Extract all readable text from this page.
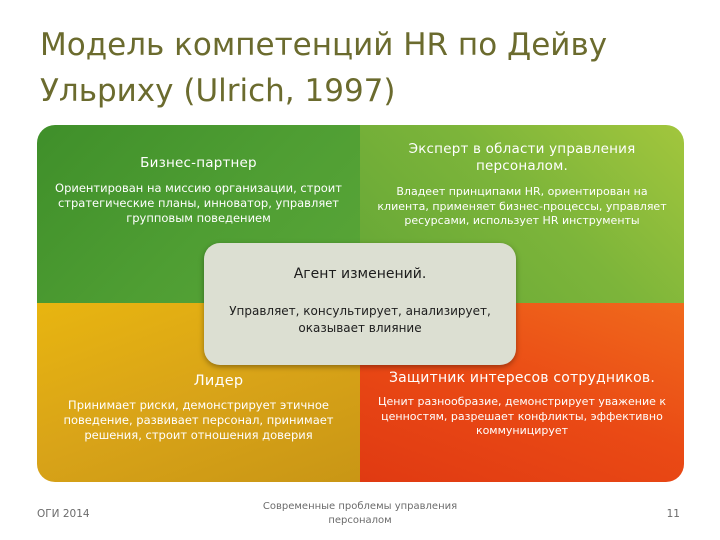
Модель компетенций HR по Дейву
Ульриху (Ulrich, 1997)
Бизнес-партнер
Ориентирован на миссию организации, строит стратегические планы, инноватор, управляет групповым поведением
Эксперт в области управления персоналом.
Владеет принципами HR, ориентирован на клиента, применяет бизнес-процессы, управляет ресурсами, использует HR инструменты
Лидер
Принимает риски, демонстрирует этичное поведение, развивает персонал, принимает решения, строит отношения доверия
Защитник интересов сотрудников.
Ценит разнообразие, демонстрирует уважение к ценностям, разрешает конфликты, эффективно коммуницирует
Агент изменений.
Управляет, консультирует, анализирует, оказывает влияние
ОГИ 2014
Современные проблемы управления персоналом
11
